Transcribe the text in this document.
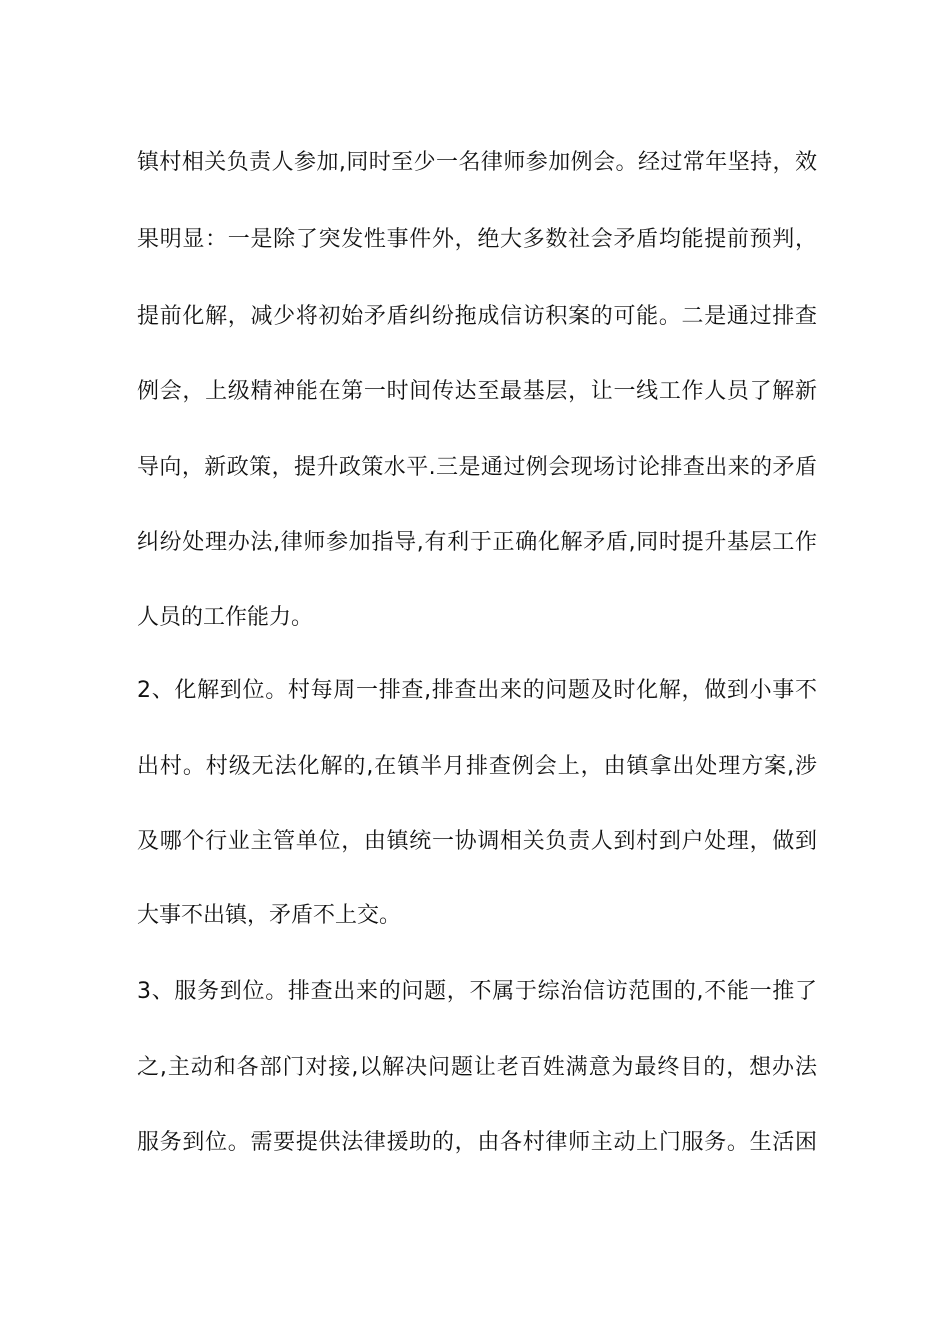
镇村相关负责人参加,同时至少一名律师参加例会。经过常年坚持，效
果明显：一是除了突发性事件外，绝大多数社会矛盾均能提前预判，
提前化解，减少将初始矛盾纠纷拖成信访积案的可能。二是通过排查
例会，上级精神能在第一时间传达至最基层，让一线工作人员了解新
导向，新政策，提升政策水平.三是通过例会现场讨论排查出来的矛盾
纠纷处理办法,律师参加指导,有利于正确化解矛盾,同时提升基层工作
人员的工作能力。
2、化解到位。村每周一排查,排查出来的问题及时化解，做到小事不
出村。村级无法化解的,在镇半月排查例会上，由镇拿出处理方案,涉
及哪个行业主管单位，由镇统一协调相关负责人到村到户处理，做到
大事不出镇，矛盾不上交。
3、服务到位。排查出来的问题，不属于综治信访范围的,不能一推了
之,主动和各部门对接,以解决问题让老百姓满意为最终目的，想办法
服务到位。需要提供法律援助的，由各村律师主动上门服务。生活困
